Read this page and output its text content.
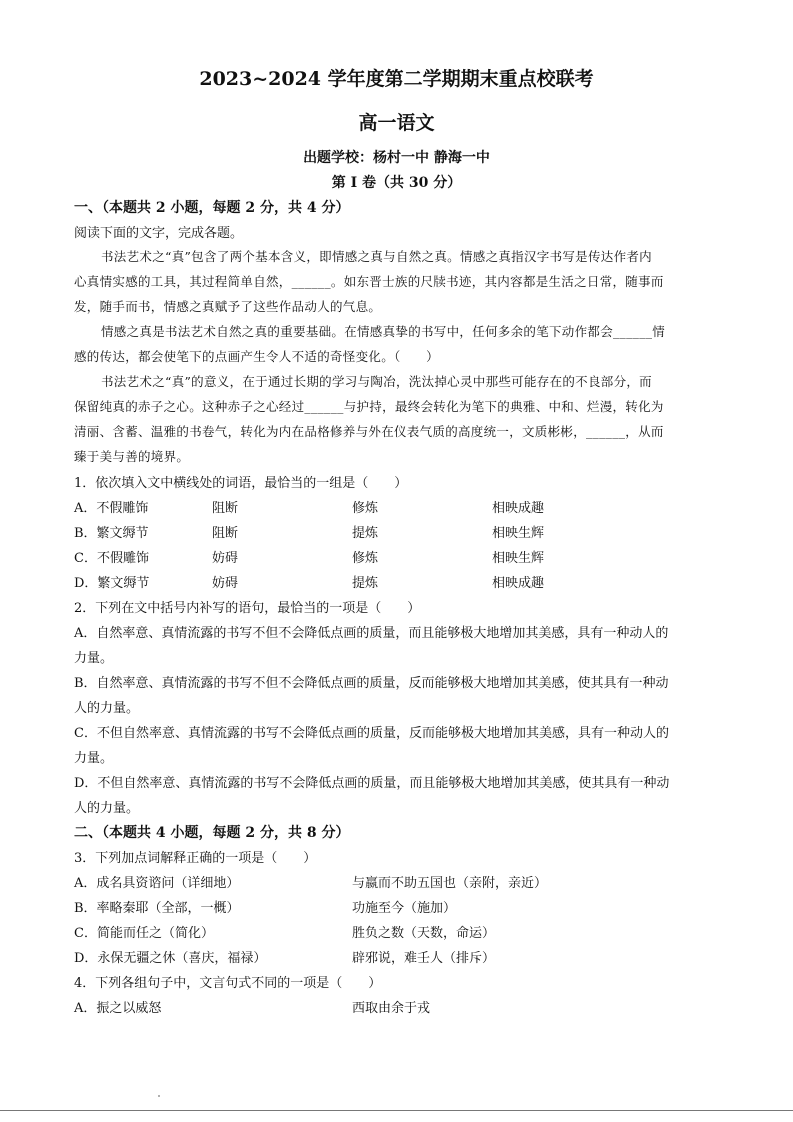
2023~2024 学年度第二学期期末重点校联考
高一语文
出题学校：杨村一中 静海一中
第 I 卷（共 30 分）
一、（本题共 2 小题，每题 2 分，共 4 分）
阅读下面的文字，完成各题。
书法艺术之“真”包含了两个基本含义，即情感之真与自然之真。情感之真指汉字书写是传达作者内
心真情实感的工具，其过程简单自然，______。如东晋士族的尺牍书迹，其内容都是生活之日常，随事而
发，随手而书，情感之真赋予了这些作品动人的气息。
情感之真是书法艺术自然之真的重要基础。在情感真挚的书写中，任何多余的笔下动作都会______情
感的传达，都会使笔下的点画产生令人不适的奇怪变化。（　　）
书法艺术之“真”的意义，在于通过长期的学习与陶冶，洗汰掉心灵中那些可能存在的不良部分，而
保留纯真的赤子之心。这种赤子之心经过______与护持，最终会转化为笔下的典雅、中和、烂漫，转化为
清丽、含蓄、温雅的书卷气，转化为内在品格修养与外在仪表气质的高度统一，文质彬彬，______，从而
臻于美与善的境界。
1．依次填入文中横线处的词语，最恰当的一组是（　　）
A．不假雕饰	阻断	修炼	相映成趣
B．繁文缛节	阻断	提炼	相映生辉
C．不假雕饰	妨碍	修炼	相映生辉
D．繁文缛节	妨碍	提炼	相映成趣
2．下列在文中括号内补写的语句，最恰当的一项是（　　）
A．自然率意、真情流露的书写不但不会降低点画的质量，而且能够极大地增加其美感，具有一种动人的
力量。
B．自然率意、真情流露的书写不但不会降低点画的质量，反而能够极大地增加其美感，使其具有一种动
人的力量。
C．不但自然率意、真情流露的书写不会降低点画的质量，反而能够极大地增加其美感，具有一种动人的
力量。
D．不但自然率意、真情流露的书写不会降低点画的质量，而且能够极大地增加其美感，使其具有一种动
人的力量。
二、（本题共 4 小题，每题 2 分，共 8 分）
3．下列加点词解释正确的一项是（　　）
A．成名具资谘问（详细地）	与嬴而不助五国也（亲附，亲近）
B．率略秦耶（全部，一概）	功施至今（施加）
C．简能而任之（简化）	胜负之数（天数，命运）
D．永保无疆之休（喜庆，福禄）	辟邪说，难壬人（排斥）
4．下列各组句子中，文言句式不同的一项是（　　）
A．振之以威怒	西取由余于戎
